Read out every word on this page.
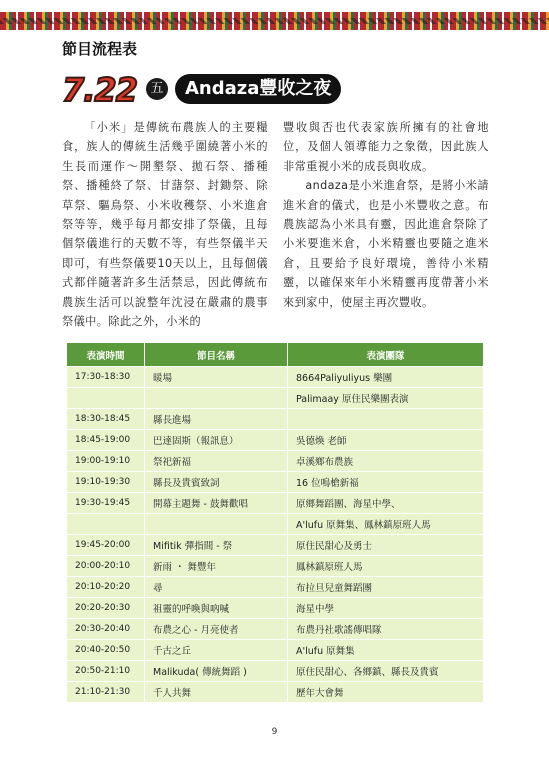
節目流程表
7.22	五	Andaza豐收之夜
「小米」是傳統布農族人的主要糧食，族人的傳統生活幾乎圍繞著小米的生長而運作～開墾祭、拋石祭、播種祭、播種終了祭、甘藷祭、封鋤祭、除草祭、驅鳥祭、小米收穫祭、小米進倉祭等等，幾乎每月都安排了祭儀，且每個祭儀進行的天數不等，有些祭儀半天即可，有些祭儀要10天以上，且每個儀式都伴隨著許多生活禁忌，因此傳統布農族生活可以說整年沈浸在嚴肅的農事祭儀中。除此之外，小米的
豐收與否也代表家族所擁有的社會地位，及個人領導能力之象徵，因此族人非常重視小米的成長與收成。
andaza是小米進倉祭，是將小米請進米倉的儀式，也是小米豐收之意。布農族認為小米具有靈，因此進倉祭除了小米要進米倉，小米精靈也要隨之進米倉，且要給予良好環境，善待小米精靈，以確保來年小米精靈再度帶著小米來到家中，使屋主再次豐收。
表演時間	節目名稱	表演團隊
17:30-18:30	暖場	8664Paliyuliyus 樂團
		Palimaay 原住民樂團表演
18:30-18:45	縣長進場	
18:45-19:00	巴達固斯（報訊息）	吳德煥 老師
19:00-19:10	祭祀新福	卓溪鄉布農族
19:10-19:30	縣長及貴賓致詞	16 位鳴槍新福
19:30-19:45	開幕主題舞 - 鼓舞歡唱	原鄉舞蹈團、海星中學、
		A'lufu 原舞集、鳳林鎮原班人馬
19:45-20:00	Mifitik 彈指間 - 祭	原住民甜心及勇士
20:00-20:10	新雨 ・ 舞豐年	鳳林鎮原班人馬
20:10-20:20	尋	布拉旦兒童舞蹈團
20:20-20:30	祖靈的呼喚與吶喊	海星中學
20:30-20:40	布農之心 - 月亮使者	布農丹社歌謠傳唱隊
20:40-20:50	千古之丘	A'lufu 原舞集
20:50-21:10	Malikuda( 傳統舞蹈 )	原住民甜心、各鄉鎮、縣長及貴賓
21:10-21:30	千人共舞	歷年大會舞
9
